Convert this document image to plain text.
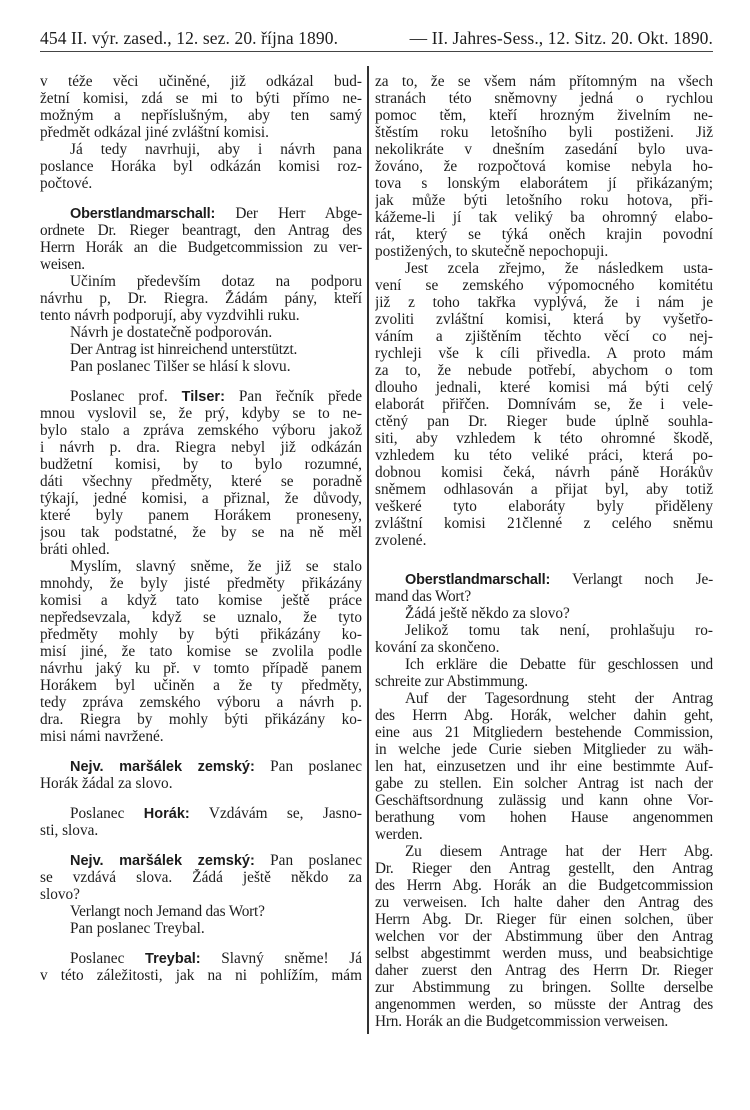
454 II. výr. zased., 12. sez. 20. října 1890.	— II. Jahres-Sess., 12. Sitz. 20. Okt. 1890.
v téže věci učiněné, již odkázal bud-
žetní komisi, zdá se mi to býti přímo ne-
možným a nepříslušným, aby ten samý
předmět odkázal jiné zvláštní komisi.
Já tedy navrhuji, aby i návrh pana
poslance Horáka byl odkázán komisi roz-
počtové.
Oberstlandmarschall: Der Herr Abge-
ordnete Dr. Rieger beantragt, den Antrag des
Herrn Horák an die Budgetcommission zu ver-
weisen.
Učiním především dotaz na podporu
návrhu p, Dr. Riegra. Žádám pány, kteří
tento návrh podporují, aby vyzdvihli ruku.
Návrh je dostatečně podporován.
Der Antrag ist hinreichend unterstützt.
Pan poslanec Tilšer se hlásí k slovu.
Poslanec prof. Tilser: Pan řečník přede
mnou vyslovil se, že prý, kdyby se to ne-
bylo stalo a zpráva zemského výboru jakož
i návrh p. dra. Riegra nebyl již odkázán
budžetní komisi, by to bylo rozumné,
dáti všechny předměty, které se poradně
týkají, jedné komisi, a přiznal, že důvody,
které byly panem Horákem proneseny,
jsou tak podstatné, že by se na ně měl
bráti ohled.
Myslím, slavný sněme, že již se stalo
mnohdy, že byly jisté předměty přikázány
komisi a když tato komise ještě práce
nepředsevzala, když se uznalo, že tyto
předměty mohly by býti přikázány ko-
misí jiné, že tato komise se zvolila podle
návrhu jaký ku př. v tomto případě panem
Horákem byl učiněn a že ty předměty,
tedy zpráva zemského výboru a návrh p.
dra. Riegra by mohly býti přikázány ko-
misi námi navržené.
Nejv. maršálek zemský: Pan poslanec
Horák žádal za slovo.
Poslanec Horák: Vzdávám se, Jasno-
sti, slova.
Nejv. maršálek zemský: Pan poslanec
se vzdává slova. Žádá ještě někdo za
slovo?
Verlangt noch Jemand das Wort?
Pan poslanec Treybal.
Poslanec Treybal: Slavný sněme! Já
v této záležitosti, jak na ni pohlížím, mám
za to, že se všem nám přítomným na všech
stranách této sněmovny jedná o rychlou
pomoc těm, kteří hrozným živelním ne-
štěstím roku letošního byli postiženi. Již
nekolikráte v dnešním zasedání bylo uva-
žováno, že rozpočtová komise nebyla ho-
tova s lonským elaborátem jí přikázaným;
jak může býti letošního roku hotova, při-
kážeme-li jí tak veliký ba ohromný elabo-
rát, který se týká oněch krajin povodní
postižených, to skutečně nepochopuji.
Jest zcela zřejmo, že následkem usta-
vení se zemského výpomocného komitétu
již z toho takřka vyplývá, že i nám je
zvoliti zvláštní komisi, která by vyšetřo-
váním a zjištěním těchto věcí co nej-
rychleji vše k cíli přivedla. A proto mám
za to, že nebude potřebí, abychom o tom
dlouho jednali, které komisi má býti celý
elaborát přiřčen. Domnívám se, že i vele-
ctěný pan Dr. Rieger bude úplně souhla-
siti, aby vzhledem k této ohromné škodě,
vzhledem ku této veliké práci, která po-
dobnou komisi čeká, návrh páně Horákův
sněmem odhlasován a přijat byl, aby totiž
veškeré tyto elaboráty byly přiděleny
zvláštní komisi 21členné z celého sněmu
zvolené.
Oberstlandmarschall: Verlangt noch Je-
mand das Wort?
Žádá ještě někdo za slovo?
Jelikož tomu tak není, prohlašuju ro-
kování za skončeno.
Ich erkläre die Debatte für geschlossen und
schreite zur Abstimmung.
Auf der Tagesordnung steht der Antrag
des Herrn Abg. Horák, welcher dahin geht,
eine aus 21 Mitgliedern bestehende Commission,
in welche jede Curie sieben Mitglieder zu wäh-
len hat, einzusetzen und ihr eine bestimmte Auf-
gabe zu stellen. Ein solcher Antrag ist nach der
Geschäftsordnung zulässig und kann ohne Vor-
berathung vom hohen Hause angenommen
werden.
Zu diesem Antrage hat der Herr Abg.
Dr. Rieger den Antrag gestellt, den Antrag
des Herrn Abg. Horák an die Budgetcommission
zu verweisen. Ich halte daher den Antrag des
Herrn Abg. Dr. Rieger für einen solchen, über
welchen vor der Abstimmung über den Antrag
selbst abgestimmt werden muss, und beabsichtige
daher zuerst den Antrag des Herrn Dr. Rieger
zur Abstimmung zu bringen. Sollte derselbe
angenommen werden, so müsste der Antrag des
Hrn. Horák an die Budgetcommission verweisen.
